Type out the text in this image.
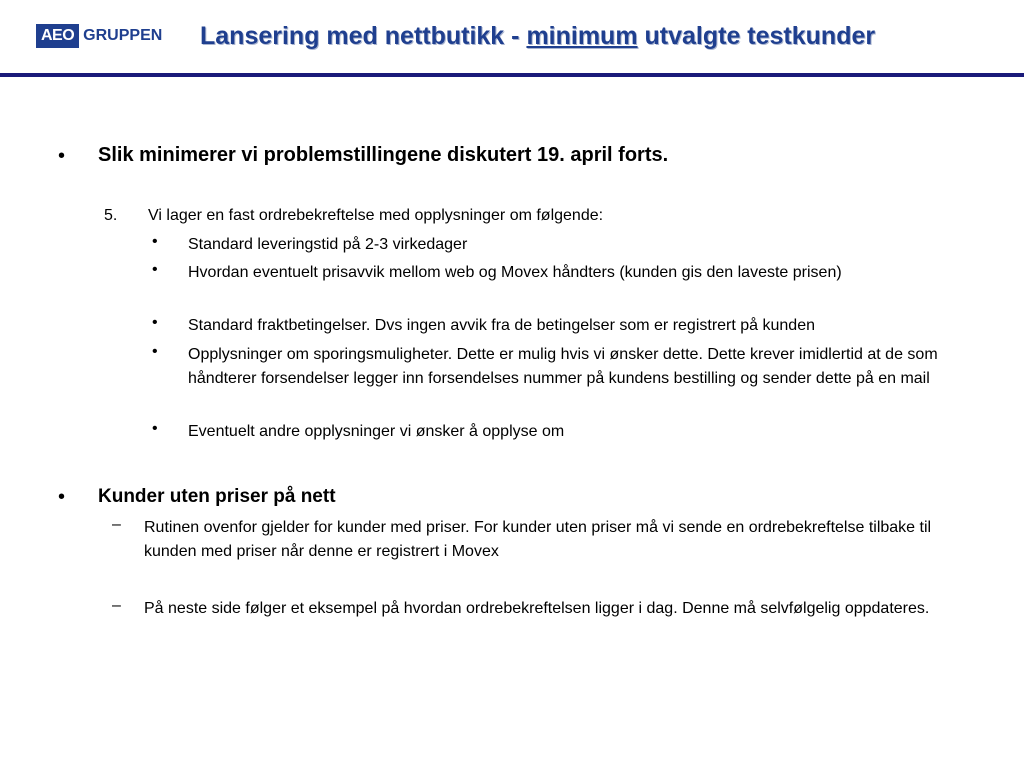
AEO GRUPPEN Lansering med nettbutikk - minimum utvalgte testkunder
• Slik minimerer vi problemstillingene diskutert 19. april forts.
5. Vi lager en fast ordrebekreftelse med opplysninger om følgende:
• Standard leveringstid på 2-3 virkedager
• Hvordan eventuelt prisavvik mellom web og Movex håndters (kunden gis den laveste prisen)
• Standard fraktbetingelser. Dvs ingen avvik fra de betingelser som er registrert på kunden
• Opplysninger om sporingsmuligheter. Dette er mulig hvis vi ønsker dette. Dette krever imidlertid at de som håndterer forsendelser legger inn forsendelses nummer på kundens bestilling og sender dette på en mail
• Eventuelt andre opplysninger vi ønsker å opplyse om
• Kunder uten priser på nett
– Rutinen ovenfor gjelder for kunder med priser. For kunder uten priser må vi sende en ordrebekreftelse tilbake til kunden med priser når denne er registrert i Movex
– På neste side følger et eksempel på hvordan ordrebekreftelsen ligger i dag. Denne må selvfølgelig oppdateres.
